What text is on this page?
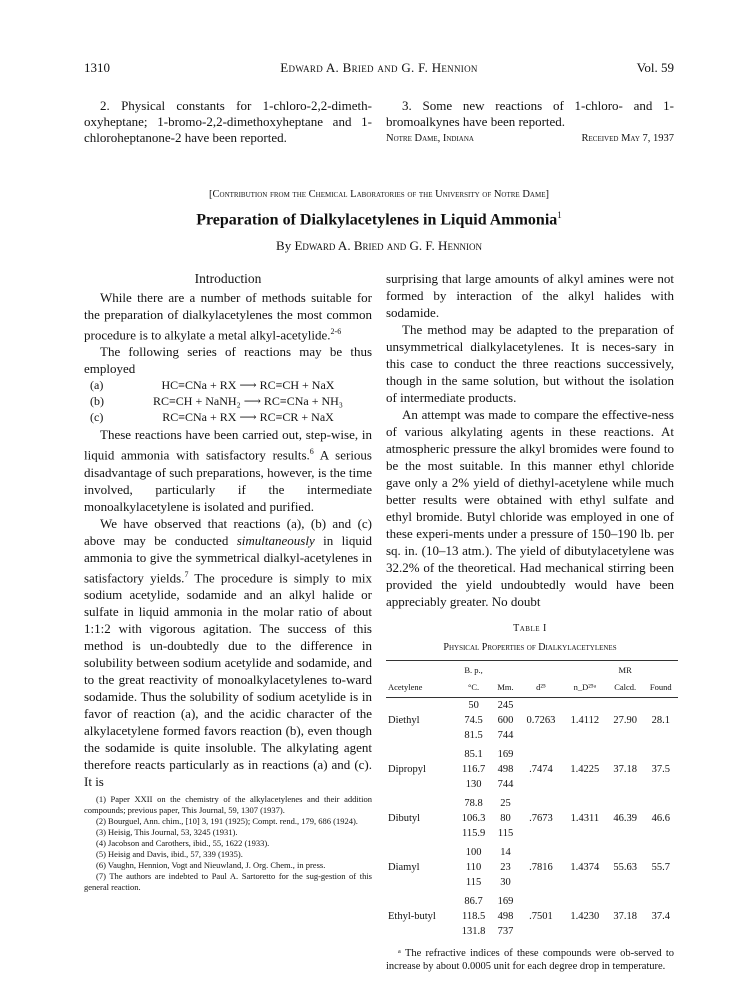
1310	Edward A. Bried and G. F. Hennion	Vol. 59

2. Physical constants for 1-chloro-2,2-dimeth-oxyheptane; 1-bromo-2,2-dimethoxyheptane and 1-chloroheptanone-2 have been reported.

3. Some new reactions of 1-chloro- and 1-bromoalkynes have been reported.

Notre Dame, Indiana	Received May 7, 1937
[Contribution from the Chemical Laboratories of the University of Notre Dame]
Preparation of Dialkylacetylenes in Liquid Ammonia$^1$
By Edward A. Bried and G. F. Hennion

Introduction

While there are a number of methods suitable for the preparation of dialkylacetylenes the most common procedure is to alkylate a metal alkyl-acetylide.$^{2-6}$

The following series of reactions may be thus employed

(a)	HC≡CNa + RX ⟶ RC≡CH + NaX
(b)	RC≡CH + NaNH₂ ⟶ RC≡CNa + NH₃
(c)	RC≡CNa + RX ⟶ RC≡CR + NaX

These reactions have been carried out, step-wise, in liquid ammonia with satisfactory results.$^6$ A serious disadvantage of such preparations, however, is the time involved, particularly if the intermediate monoalkylacetylene is isolated and purified.

We have observed that reactions (a), (b) and (c) above may be conducted simultaneously in liquid ammonia to give the symmetrical dialkyl-acetylenes in satisfactory yields.$^7$ The procedure is simply to mix sodium acetylide, sodamide and an alkyl halide or sulfate in liquid ammonia in the molar ratio of about 1:1:2 with vigorous agitation. The success of this method is un-doubtedly due to the difference in solubility between sodium acetylide and sodamide, and to the great reactivity of monoalkylacetylenes to-ward sodamide. Thus the solubility of sodium acetylide is in favor of reaction (a), and the acidic character of the alkylacetylene formed favors reaction (b), even though the sodamide is quite insoluble. The alkylating agent therefore reacts particularly as in reactions (a) and (c). It is

(1) Paper XXII on the chemistry of the alkylacetylenes and their addition compounds; previous paper, This Journal, 59, 1307 (1937).

(2) Bourguel, Ann. chim., [10] 3, 191 (1925); Compt. rend., 179, 686 (1924).

(3) Heisig, This Journal, 53, 3245 (1931).

(4) Jacobson and Carothers, ibid., 55, 1622 (1933).

(5) Heisig and Davis, ibid., 57, 339 (1935).

(6) Vaughn, Hennion, Vogt and Nieuwland, J. Org. Chem., in press.

(7) The authors are indebted to Paul A. Sartoretto for the sug-gestion of this general reaction.

surprising that large amounts of alkyl amines were not formed by interaction of the alkyl halides with sodamide.

The method may be adapted to the preparation of unsymmetrical dialkylacetylenes. It is neces-sary in this case to conduct the three reactions successively, though in the same solution, but without the isolation of intermediate products.

An attempt was made to compare the effective-ness of various alkylating agents in these reactions. At atmospheric pressure the alkyl bromides were found to be the most suitable. In this manner ethyl chloride gave only a 2% yield of diethyl-acetylene while much better results were obtained with ethyl sulfate and ethyl bromide. Butyl chloride was employed in one of these experi-ments under a pressure of 150–190 lb. per sq. in. (10–13 atm.). The yield of dibutylacetylene was 32.2% of the theoretical. Had mechanical stirring been provided the yield undoubtedly would have been appreciably greater. No doubt

Table I
Physical Properties of Dialkylacetylenes
Acetylene	B. p.,
°C.	Mm.	d²⁵	n_D²⁵ᵃ	MR
Calcd.	Found
Diethyl	50	245	0.7263	1.4112	27.90	28.1
	74.5	600				
	81.5	744				

Dipropyl	85.1	169	.7474	1.4225	37.18	37.5
	116.7	498				
	130	744				

Dibutyl	78.8	25	.7673	1.4311	46.39	46.6
	106.3	80				
	115.9	115				

Diamyl	100	14	.7816	1.4374	55.63	55.7
	110	23				
	115	30				

Ethyl-butyl	86.7	169	.7501	1.4230	37.18	37.4
	118.5	498				
	131.8	737				

ᵃ The refractive indices of these compounds were ob-served to increase by about 0.0005 unit for each degree drop in temperature.
